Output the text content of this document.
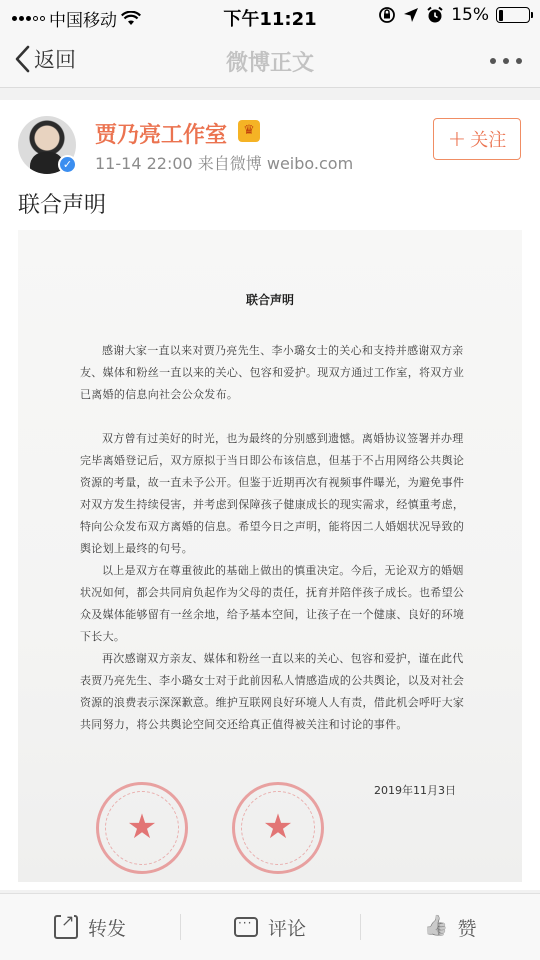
中国移动	下午11:21	15%
返回	微博正文
✓
贾乃亮工作室	♛
11-14 22:00 来自微博 weibo.com
+ 关注
联合声明
联合声明
感谢大家一直以来对贾乃亮先生、李小璐女士的关心和支持并感谢双方亲友、媒体和粉丝一直以来的关心、包容和爱护。现双方通过工作室，将双方业已离婚的信息向社会公众发布。
双方曾有过美好的时光，也为最终的分别感到遗憾。离婚协议签署并办理完毕离婚登记后，双方原拟于当日即公布该信息，但基于不占用网络公共舆论资源的考量，故一直未予公开。但鉴于近期再次有视频事件曝光，为避免事件对双方发生持续侵害，并考虑到保障孩子健康成长的现实需求，经慎重考虑，特向公众发布双方离婚的信息。希望今日之声明，能将因二人婚姻状况导致的舆论划上最终的句号。
以上是双方在尊重彼此的基础上做出的慎重决定。今后，无论双方的婚姻状况如何，都会共同肩负起作为父母的责任，抚育并陪伴孩子成长。也希望公众及媒体能够留有一丝余地，给予基本空间，让孩子在一个健康、良好的环境下长大。
再次感谢双方亲友、媒体和粉丝一直以来的关心、包容和爱护，谨在此代表贾乃亮先生、李小璐女士对于此前因私人情感造成的公共舆论，以及对社会资源的浪费表示深深歉意。维护互联网良好环境人人有责，借此机会呼吁大家共同努力，将公共舆论空间交还给真正值得被关注和讨论的事件。
2019年11月3日
★	★
↗
转发 ···	评论 👍	赞
